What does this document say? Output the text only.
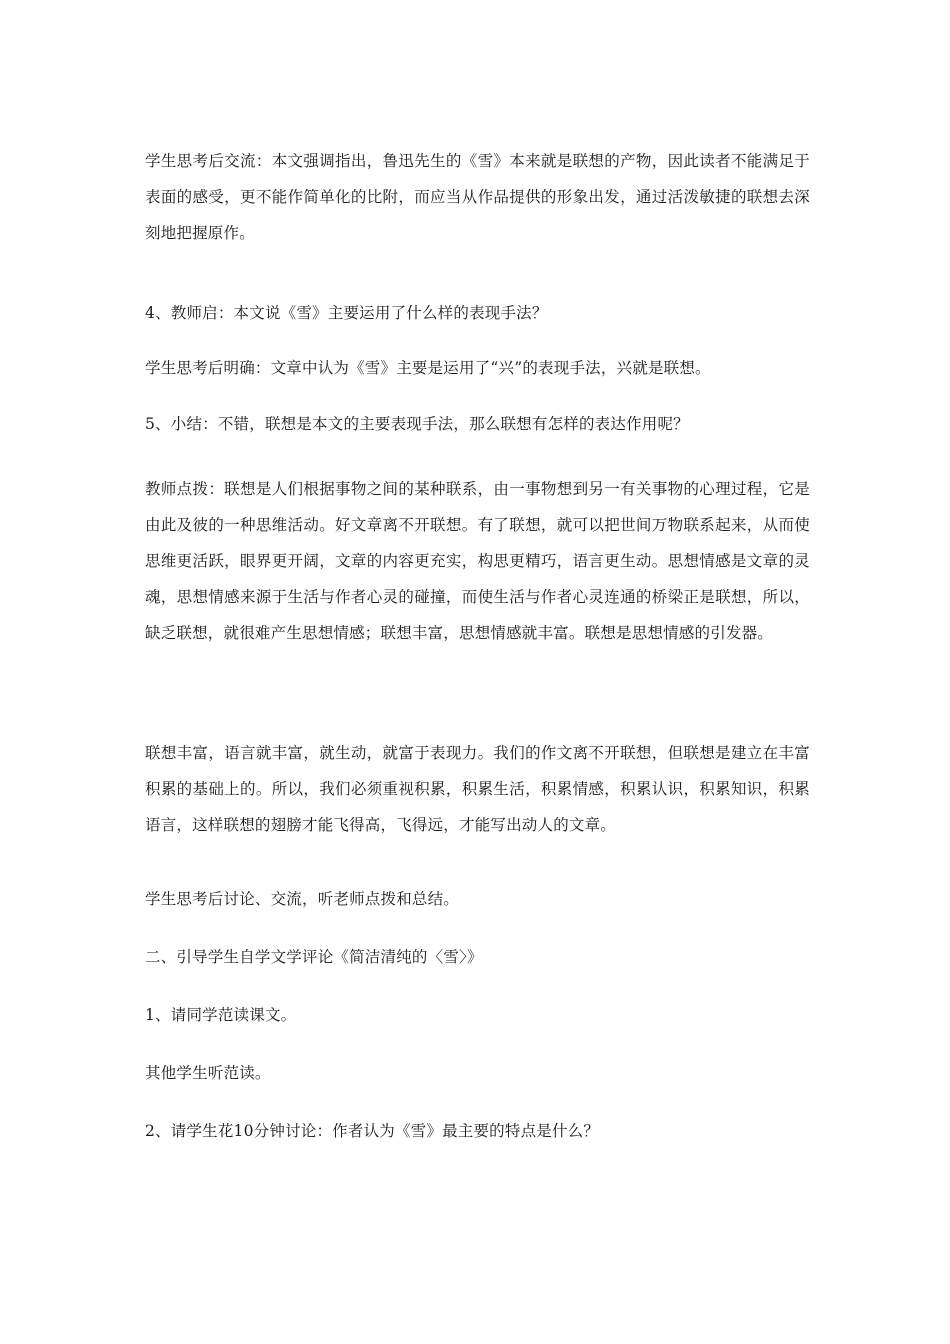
学生思考后交流：本文强调指出，鲁迅先生的《雪》本来就是联想的产物，因此读者不能满足于表面的感受，更不能作简单化的比附，而应当从作品提供的形象出发，通过活泼敏捷的联想去深刻地把握原作。

4、教师启：本文说《雪》主要运用了什么样的表现手法？

学生思考后明确：文章中认为《雪》主要是运用了“兴”的表现手法，兴就是联想。

5、小结：不错，联想是本文的主要表现手法，那么联想有怎样的表达作用呢？

教师点拨：联想是人们根据事物之间的某种联系，由一事物想到另一有关事物的心理过程，它是由此及彼的一种思维活动。好文章离不开联想。有了联想，就可以把世间万物联系起来，从而使思维更活跃，眼界更开阔，文章的内容更充实，构思更精巧，语言更生动。思想情感是文章的灵魂，思想情感来源于生活与作者心灵的碰撞，而使生活与作者心灵连通的桥梁正是联想，所以，缺乏联想，就很难产生思想情感；联想丰富，思想情感就丰富。联想是思想情感的引发器。

联想丰富，语言就丰富，就生动，就富于表现力。我们的作文离不开联想，但联想是建立在丰富积累的基础上的。所以，我们必须重视积累，积累生活，积累情感，积累认识，积累知识，积累语言，这样联想的翅膀才能飞得高，飞得远，才能写出动人的文章。

学生思考后讨论、交流，听老师点拨和总结。

二、引导学生自学文学评论《简洁清纯的〈雪〉》

1、请同学范读课文。

其他学生听范读。

2、请学生花10分钟讨论：作者认为《雪》最主要的特点是什么？
